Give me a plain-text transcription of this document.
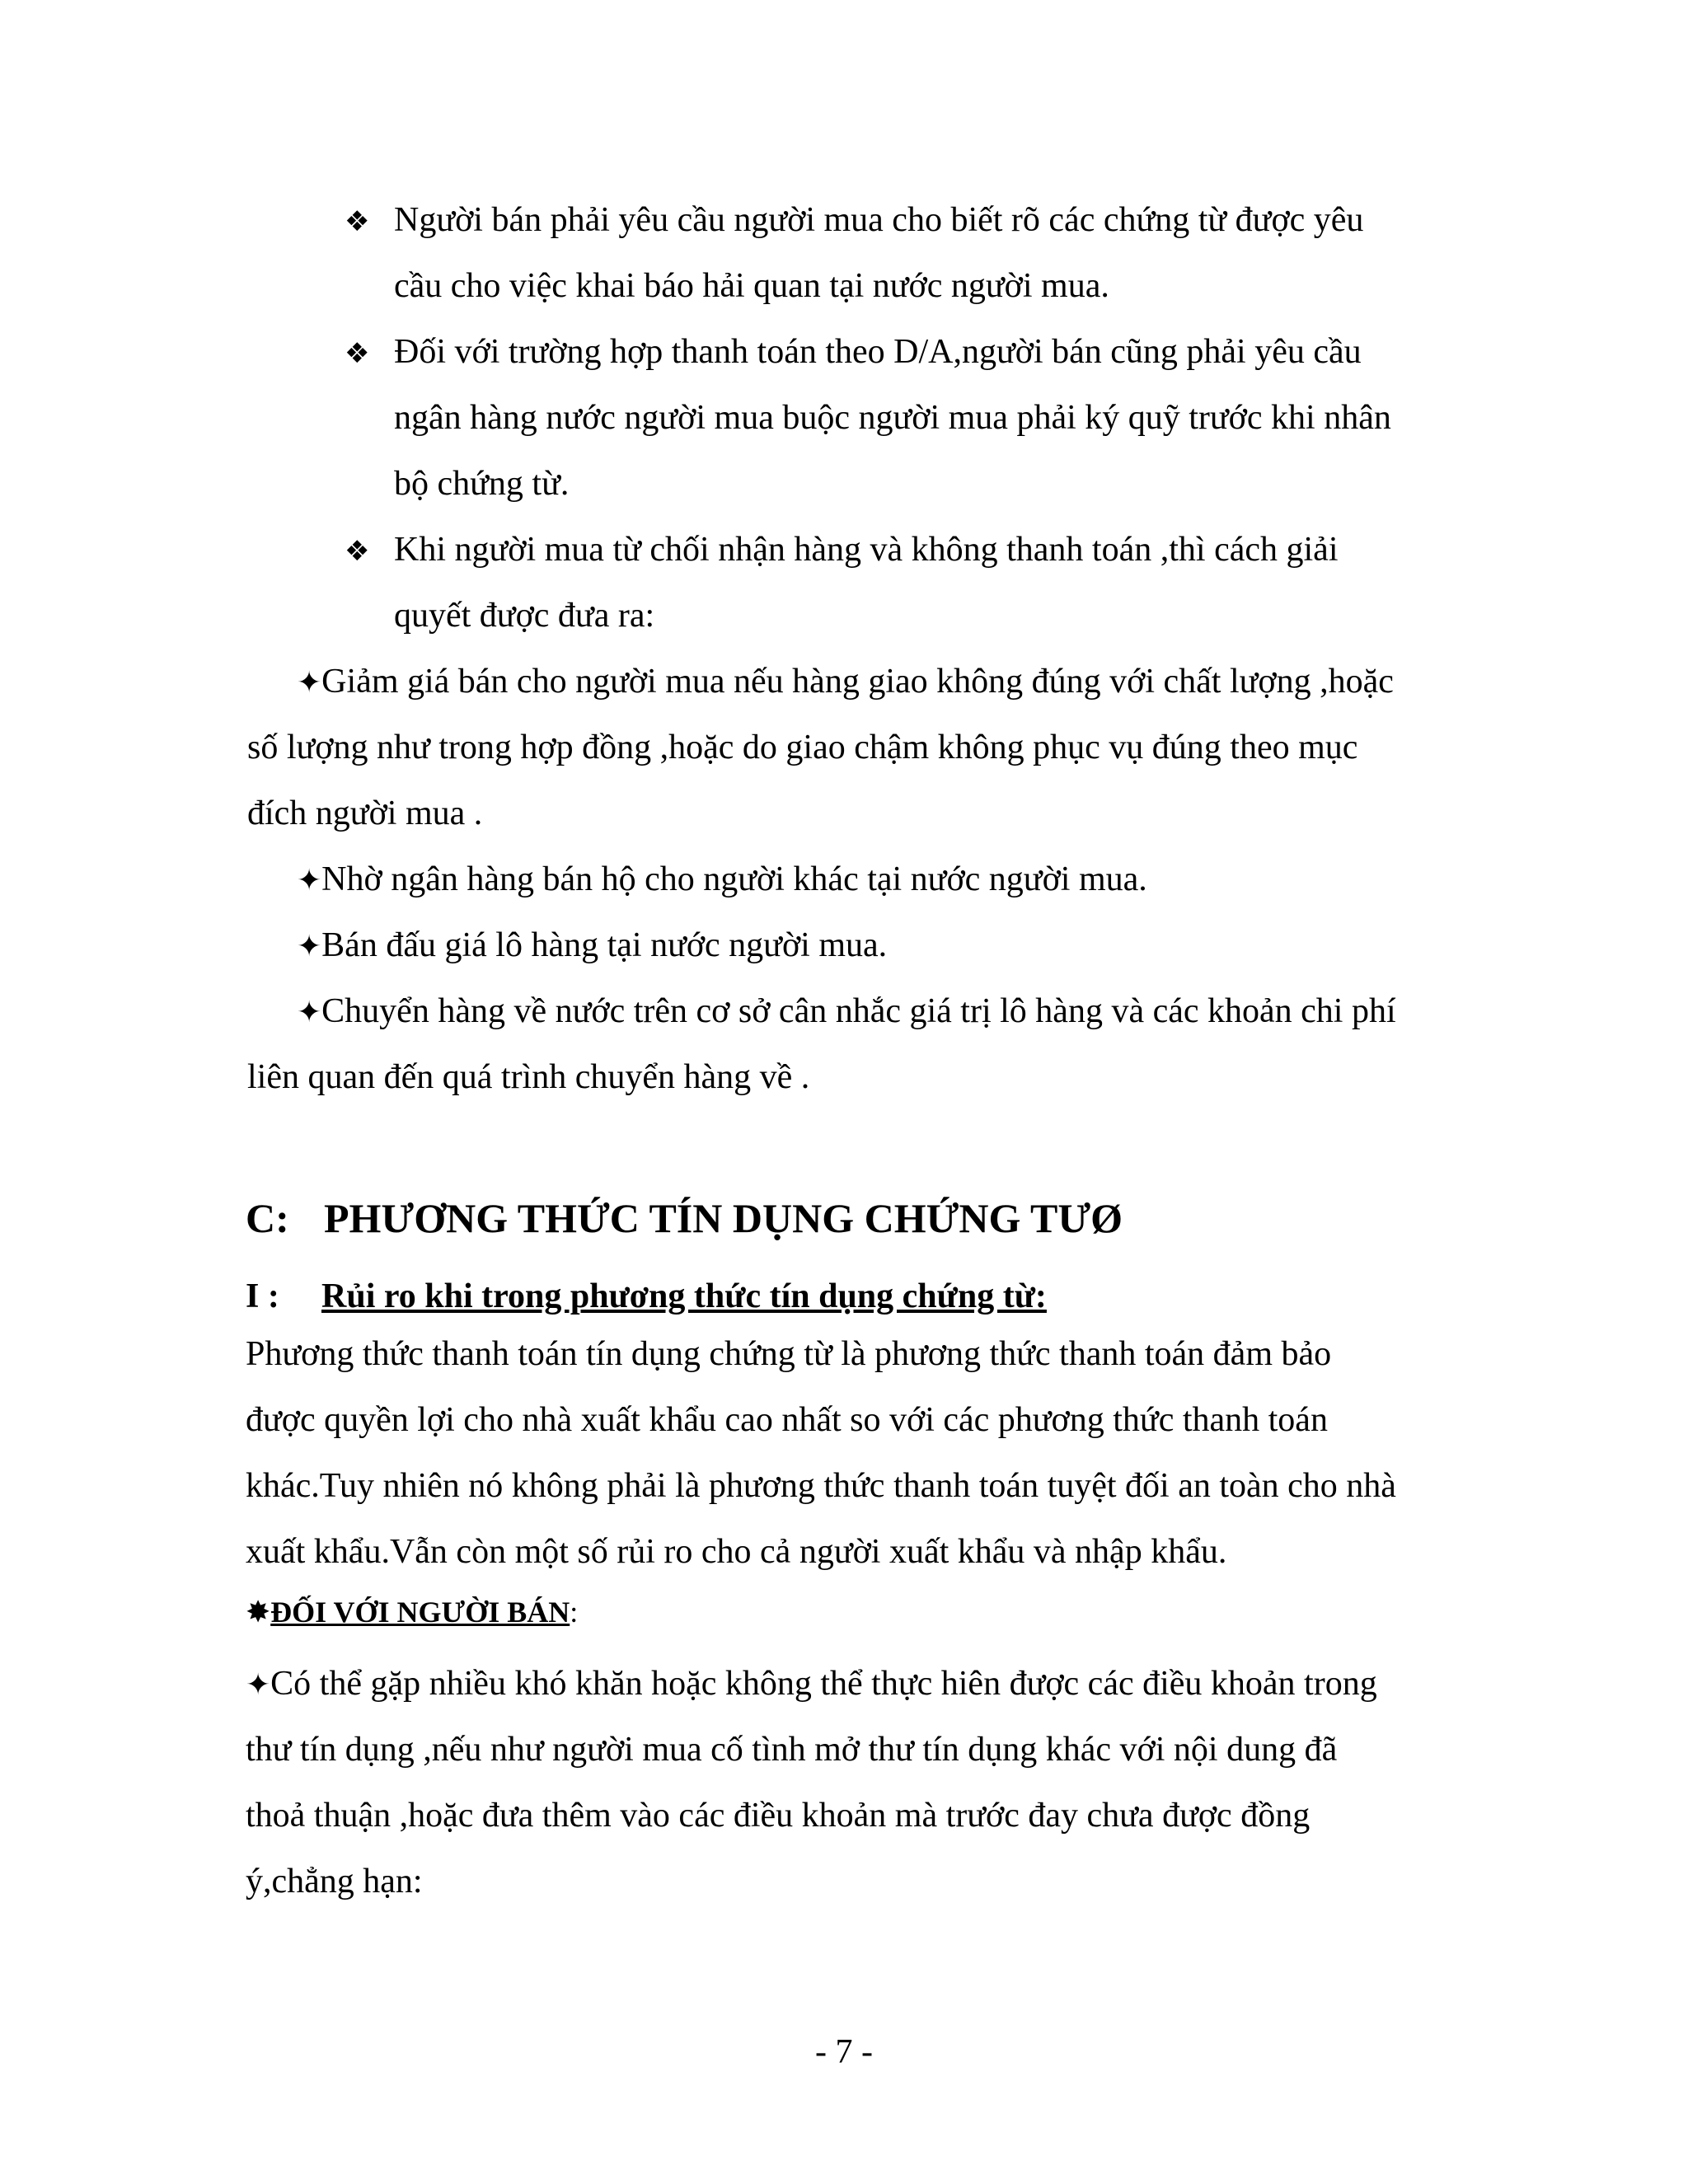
❖ Người bán phải yêu cầu người mua cho biết rõ các chứng từ được yêu
cầu cho việc khai báo hải quan tại nước người mua.
❖ Đối với trường hợp thanh toán theo D/A,người bán cũng phải yêu cầu
ngân hàng nước người mua buộc người mua phải ký quỹ trước khi nhân
bộ chứng từ.
❖ Khi người mua từ chối nhận hàng và không thanh toán ,thì cách giải
quyết được đưa ra:
✦Giảm giá bán cho người mua nếu hàng giao không đúng với chất lượng ,hoặc
số lượng như trong hợp đồng ,hoặc do giao chậm không phục vụ đúng theo mục
đích người mua .
✦Nhờ ngân hàng bán hộ cho người khác tại nước người mua.
✦Bán đấu giá lô hàng tại nước người mua.
✦Chuyển hàng về nước trên cơ sở cân nhắc giá trị lô hàng và các khoản chi phí
liên quan đến quá trình chuyển hàng về .
C: PHƯƠNG THỨC TÍN DỤNG CHỨNG TƯØ
I : Rủi ro khi trong phương thức tín dụng chứng từ:
Phương thức thanh toán tín dụng chứng từ là phương thức thanh toán đảm bảo
được quyền lợi cho nhà xuất khẩu cao nhất so với các phương thức thanh toán
khác.Tuy nhiên nó không phải là phương thức thanh toán tuyệt đối an toàn cho nhà
xuất khẩu.Vẫn còn một số rủi ro cho cả người xuất khẩu và nhập khẩu.
✸ĐỐI VỚI NGƯỜI BÁN:
✦Có thể gặp nhiều khó khăn hoặc không thể thực hiên được các điều khoản trong
thư tín dụng ,nếu như người mua cố tình mở thư tín dụng khác với nội dung đã
thoả thuận ,hoặc đưa thêm vào các điều khoản mà trước đay chưa được đồng
ý,chẳng hạn:
- 7 -
